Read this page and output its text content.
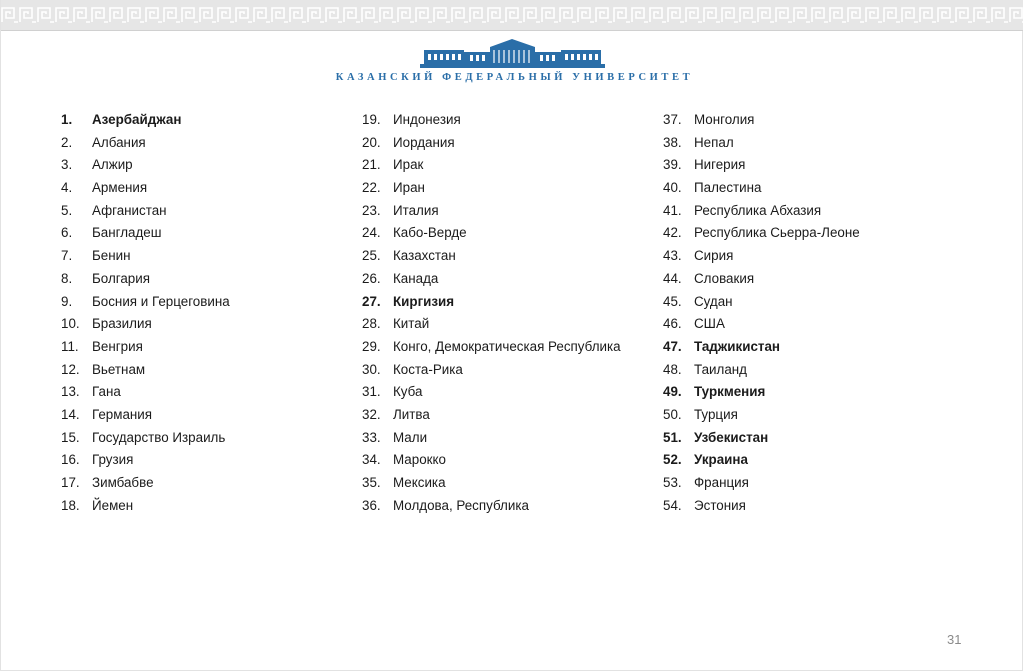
КАЗАНСКИЙ ФЕДЕРАЛЬНЫЙ УНИВЕРСИТЕТ
1. Азербайджан
2. Албания
3. Алжир
4. Армения
5. Афганистан
6. Бангладеш
7. Бенин
8. Болгария
9. Босния и Герцеговина
10. Бразилия
11. Венгрия
12. Вьетнам
13. Гана
14. Германия
15. Государство Израиль
16. Грузия
17. Зимбабве
18. Йемен
19. Индонезия
20. Иордания
21. Ирак
22. Иран
23. Италия
24. Кабо-Верде
25. Казахстан
26. Канада
27. Киргизия
28. Китай
29. Конго, Демократическая Республика
30. Коста-Рика
31. Куба
32. Литва
33. Мали
34. Марокко
35. Мексика
36. Молдова, Республика
37. Монголия
38. Непал
39. Нигерия
40. Палестина
41. Республика Абхазия
42. Республика Сьерра-Леоне
43. Сирия
44. Словакия
45. Судан
46. США
47. Таджикистан
48. Таиланд
49. Туркмения
50. Турция
51. Узбекистан
52. Украина
53. Франция
54. Эстония
31
